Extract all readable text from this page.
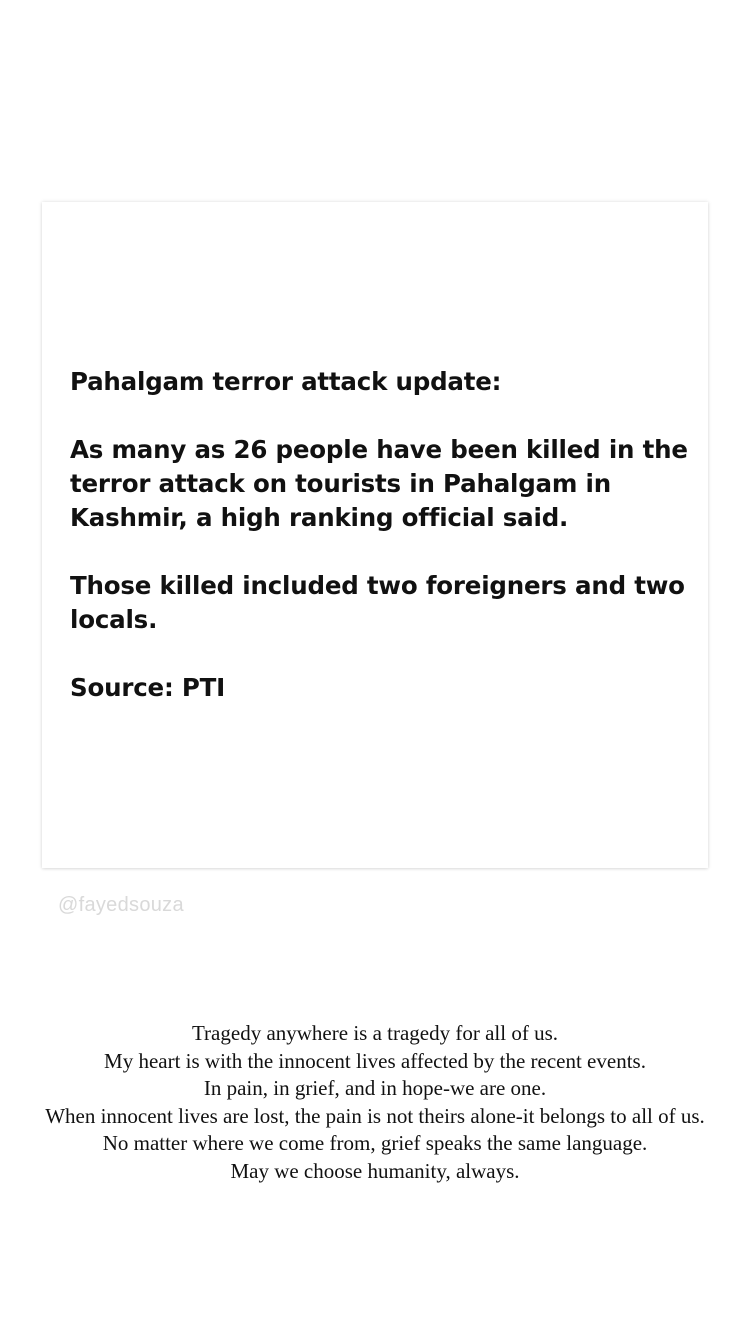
Pahalgam terror attack update:

As many as 26 people have been killed in the terror attack on tourists in Pahalgam in Kashmir, a high ranking official said.

Those killed included two foreigners and two locals.

Source: PTI

@fayedsouza
Tragedy anywhere is a tragedy for all of us.
My heart is with the innocent lives affected by the recent events.
In pain, in grief, and in hope-we are one.
When innocent lives are lost, the pain is not theirs alone-it belongs to all of us.
No matter where we come from, grief speaks the same language.
May we choose humanity, always.
